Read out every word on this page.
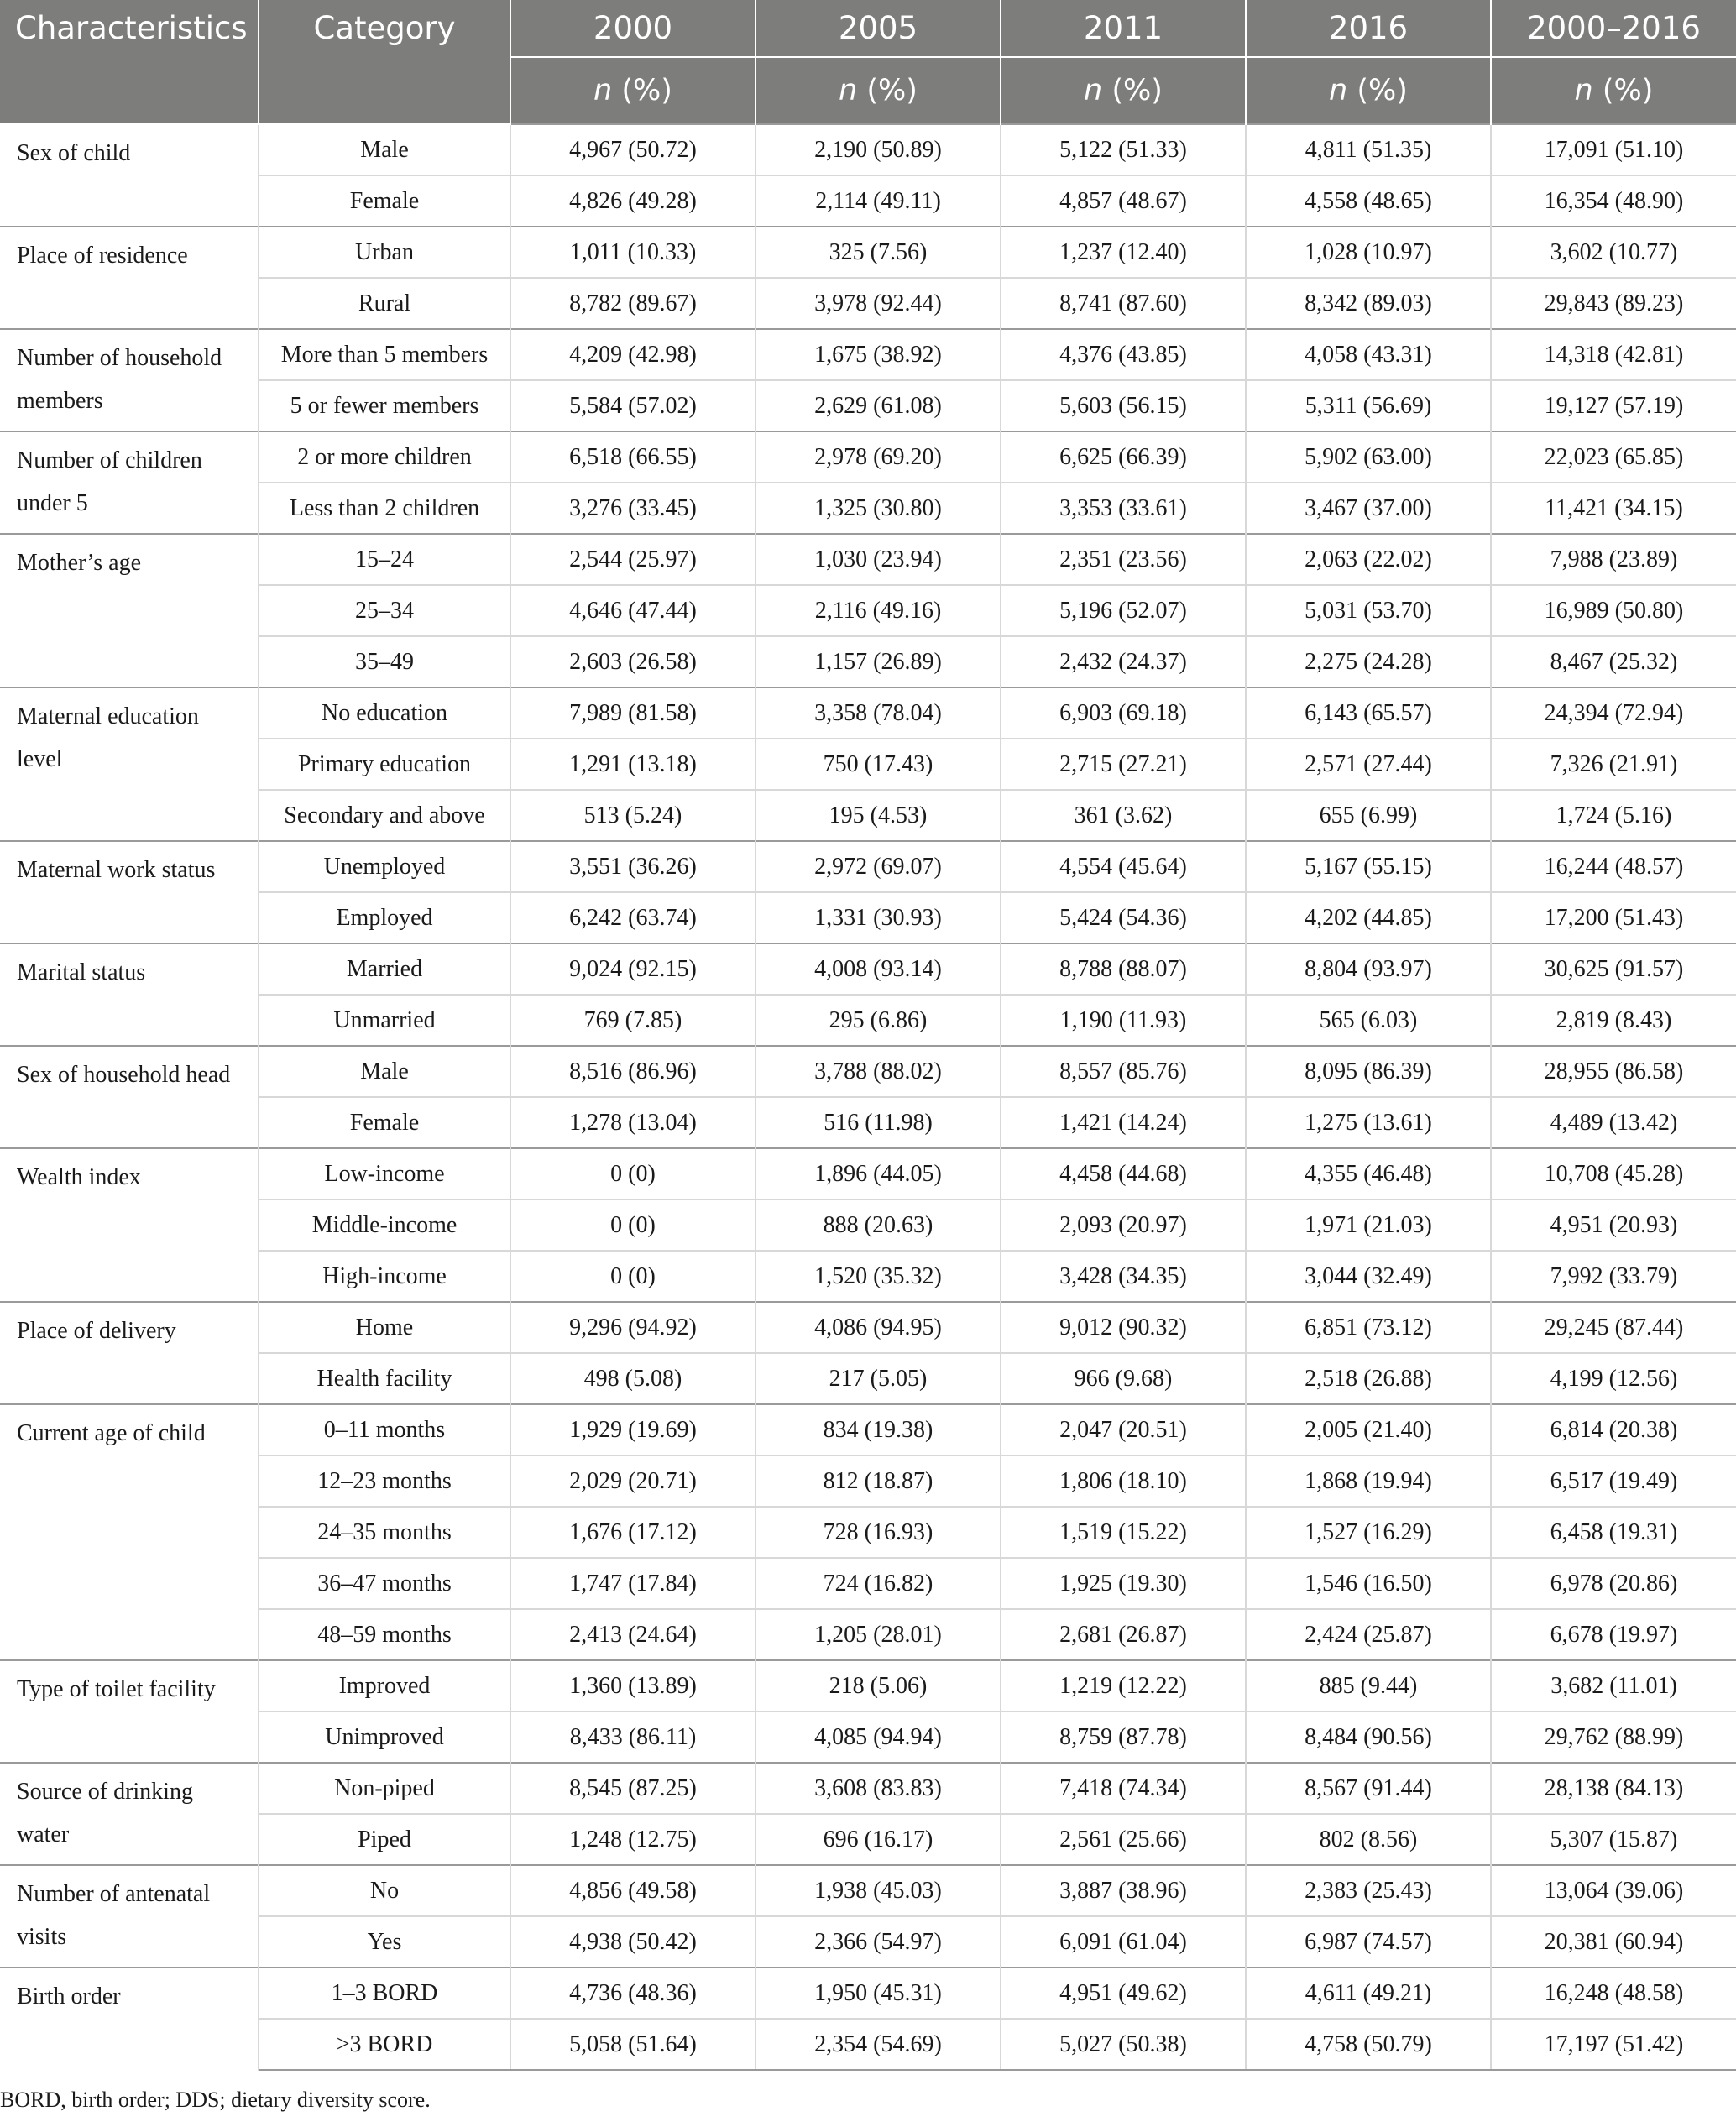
Characteristics	Category	2000	2005	2011	2016	2000–2016
		n (%)	n (%)	n (%)	n (%)	n (%)
Sex of child	Male	4,967 (50.72)	2,190 (50.89)	5,122 (51.33)	4,811 (51.35)	17,091 (51.10)
	Female	4,826 (49.28)	2,114 (49.11)	4,857 (48.67)	4,558 (48.65)	16,354 (48.90)
Place of residence	Urban	1,011 (10.33)	325 (7.56)	1,237 (12.40)	1,028 (10.97)	3,602 (10.77)
	Rural	8,782 (89.67)	3,978 (92.44)	8,741 (87.60)	8,342 (89.03)	29,843 (89.23)
Number of household members	More than 5 members	4,209 (42.98)	1,675 (38.92)	4,376 (43.85)	4,058 (43.31)	14,318 (42.81)
	5 or fewer members	5,584 (57.02)	2,629 (61.08)	5,603 (56.15)	5,311 (56.69)	19,127 (57.19)
Number of children under 5	2 or more children	6,518 (66.55)	2,978 (69.20)	6,625 (66.39)	5,902 (63.00)	22,023 (65.85)
	Less than 2 children	3,276 (33.45)	1,325 (30.80)	3,353 (33.61)	3,467 (37.00)	11,421 (34.15)
Mother’s age	15–24	2,544 (25.97)	1,030 (23.94)	2,351 (23.56)	2,063 (22.02)	7,988 (23.89)
	25–34	4,646 (47.44)	2,116 (49.16)	5,196 (52.07)	5,031 (53.70)	16,989 (50.80)
	35–49	2,603 (26.58)	1,157 (26.89)	2,432 (24.37)	2,275 (24.28)	8,467 (25.32)
Maternal education level	No education	7,989 (81.58)	3,358 (78.04)	6,903 (69.18)	6,143 (65.57)	24,394 (72.94)
	Primary education	1,291 (13.18)	750 (17.43)	2,715 (27.21)	2,571 (27.44)	7,326 (21.91)
	Secondary and above	513 (5.24)	195 (4.53)	361 (3.62)	655 (6.99)	1,724 (5.16)
Maternal work status	Unemployed	3,551 (36.26)	2,972 (69.07)	4,554 (45.64)	5,167 (55.15)	16,244 (48.57)
	Employed	6,242 (63.74)	1,331 (30.93)	5,424 (54.36)	4,202 (44.85)	17,200 (51.43)
Marital status	Married	9,024 (92.15)	4,008 (93.14)	8,788 (88.07)	8,804 (93.97)	30,625 (91.57)
	Unmarried	769 (7.85)	295 (6.86)	1,190 (11.93)	565 (6.03)	2,819 (8.43)
Sex of household head	Male	8,516 (86.96)	3,788 (88.02)	8,557 (85.76)	8,095 (86.39)	28,955 (86.58)
	Female	1,278 (13.04)	516 (11.98)	1,421 (14.24)	1,275 (13.61)	4,489 (13.42)
Wealth index	Low-income	0 (0)	1,896 (44.05)	4,458 (44.68)	4,355 (46.48)	10,708 (45.28)
	Middle-income	0 (0)	888 (20.63)	2,093 (20.97)	1,971 (21.03)	4,951 (20.93)
	High-income	0 (0)	1,520 (35.32)	3,428 (34.35)	3,044 (32.49)	7,992 (33.79)
Place of delivery	Home	9,296 (94.92)	4,086 (94.95)	9,012 (90.32)	6,851 (73.12)	29,245 (87.44)
	Health facility	498 (5.08)	217 (5.05)	966 (9.68)	2,518 (26.88)	4,199 (12.56)
Current age of child	0–11 months	1,929 (19.69)	834 (19.38)	2,047 (20.51)	2,005 (21.40)	6,814 (20.38)
	12–23 months	2,029 (20.71)	812 (18.87)	1,806 (18.10)	1,868 (19.94)	6,517 (19.49)
	24–35 months	1,676 (17.12)	728 (16.93)	1,519 (15.22)	1,527 (16.29)	6,458 (19.31)
	36–47 months	1,747 (17.84)	724 (16.82)	1,925 (19.30)	1,546 (16.50)	6,978 (20.86)
	48–59 months	2,413 (24.64)	1,205 (28.01)	2,681 (26.87)	2,424 (25.87)	6,678 (19.97)
Type of toilet facility	Improved	1,360 (13.89)	218 (5.06)	1,219 (12.22)	885 (9.44)	3,682 (11.01)
	Unimproved	8,433 (86.11)	4,085 (94.94)	8,759 (87.78)	8,484 (90.56)	29,762 (88.99)
Source of drinking water	Non-piped	8,545 (87.25)	3,608 (83.83)	7,418 (74.34)	8,567 (91.44)	28,138 (84.13)
	Piped	1,248 (12.75)	696 (16.17)	2,561 (25.66)	802 (8.56)	5,307 (15.87)
Number of antenatal visits	No	4,856 (49.58)	1,938 (45.03)	3,887 (38.96)	2,383 (25.43)	13,064 (39.06)
	Yes	4,938 (50.42)	2,366 (54.97)	6,091 (61.04)	6,987 (74.57)	20,381 (60.94)
Birth order	1–3 BORD	4,736 (48.36)	1,950 (45.31)	4,951 (49.62)	4,611 (49.21)	16,248 (48.58)
	>3 BORD	5,058 (51.64)	2,354 (54.69)	5,027 (50.38)	4,758 (50.79)	17,197 (51.42)
BORD, birth order; DDS; dietary diversity score.
